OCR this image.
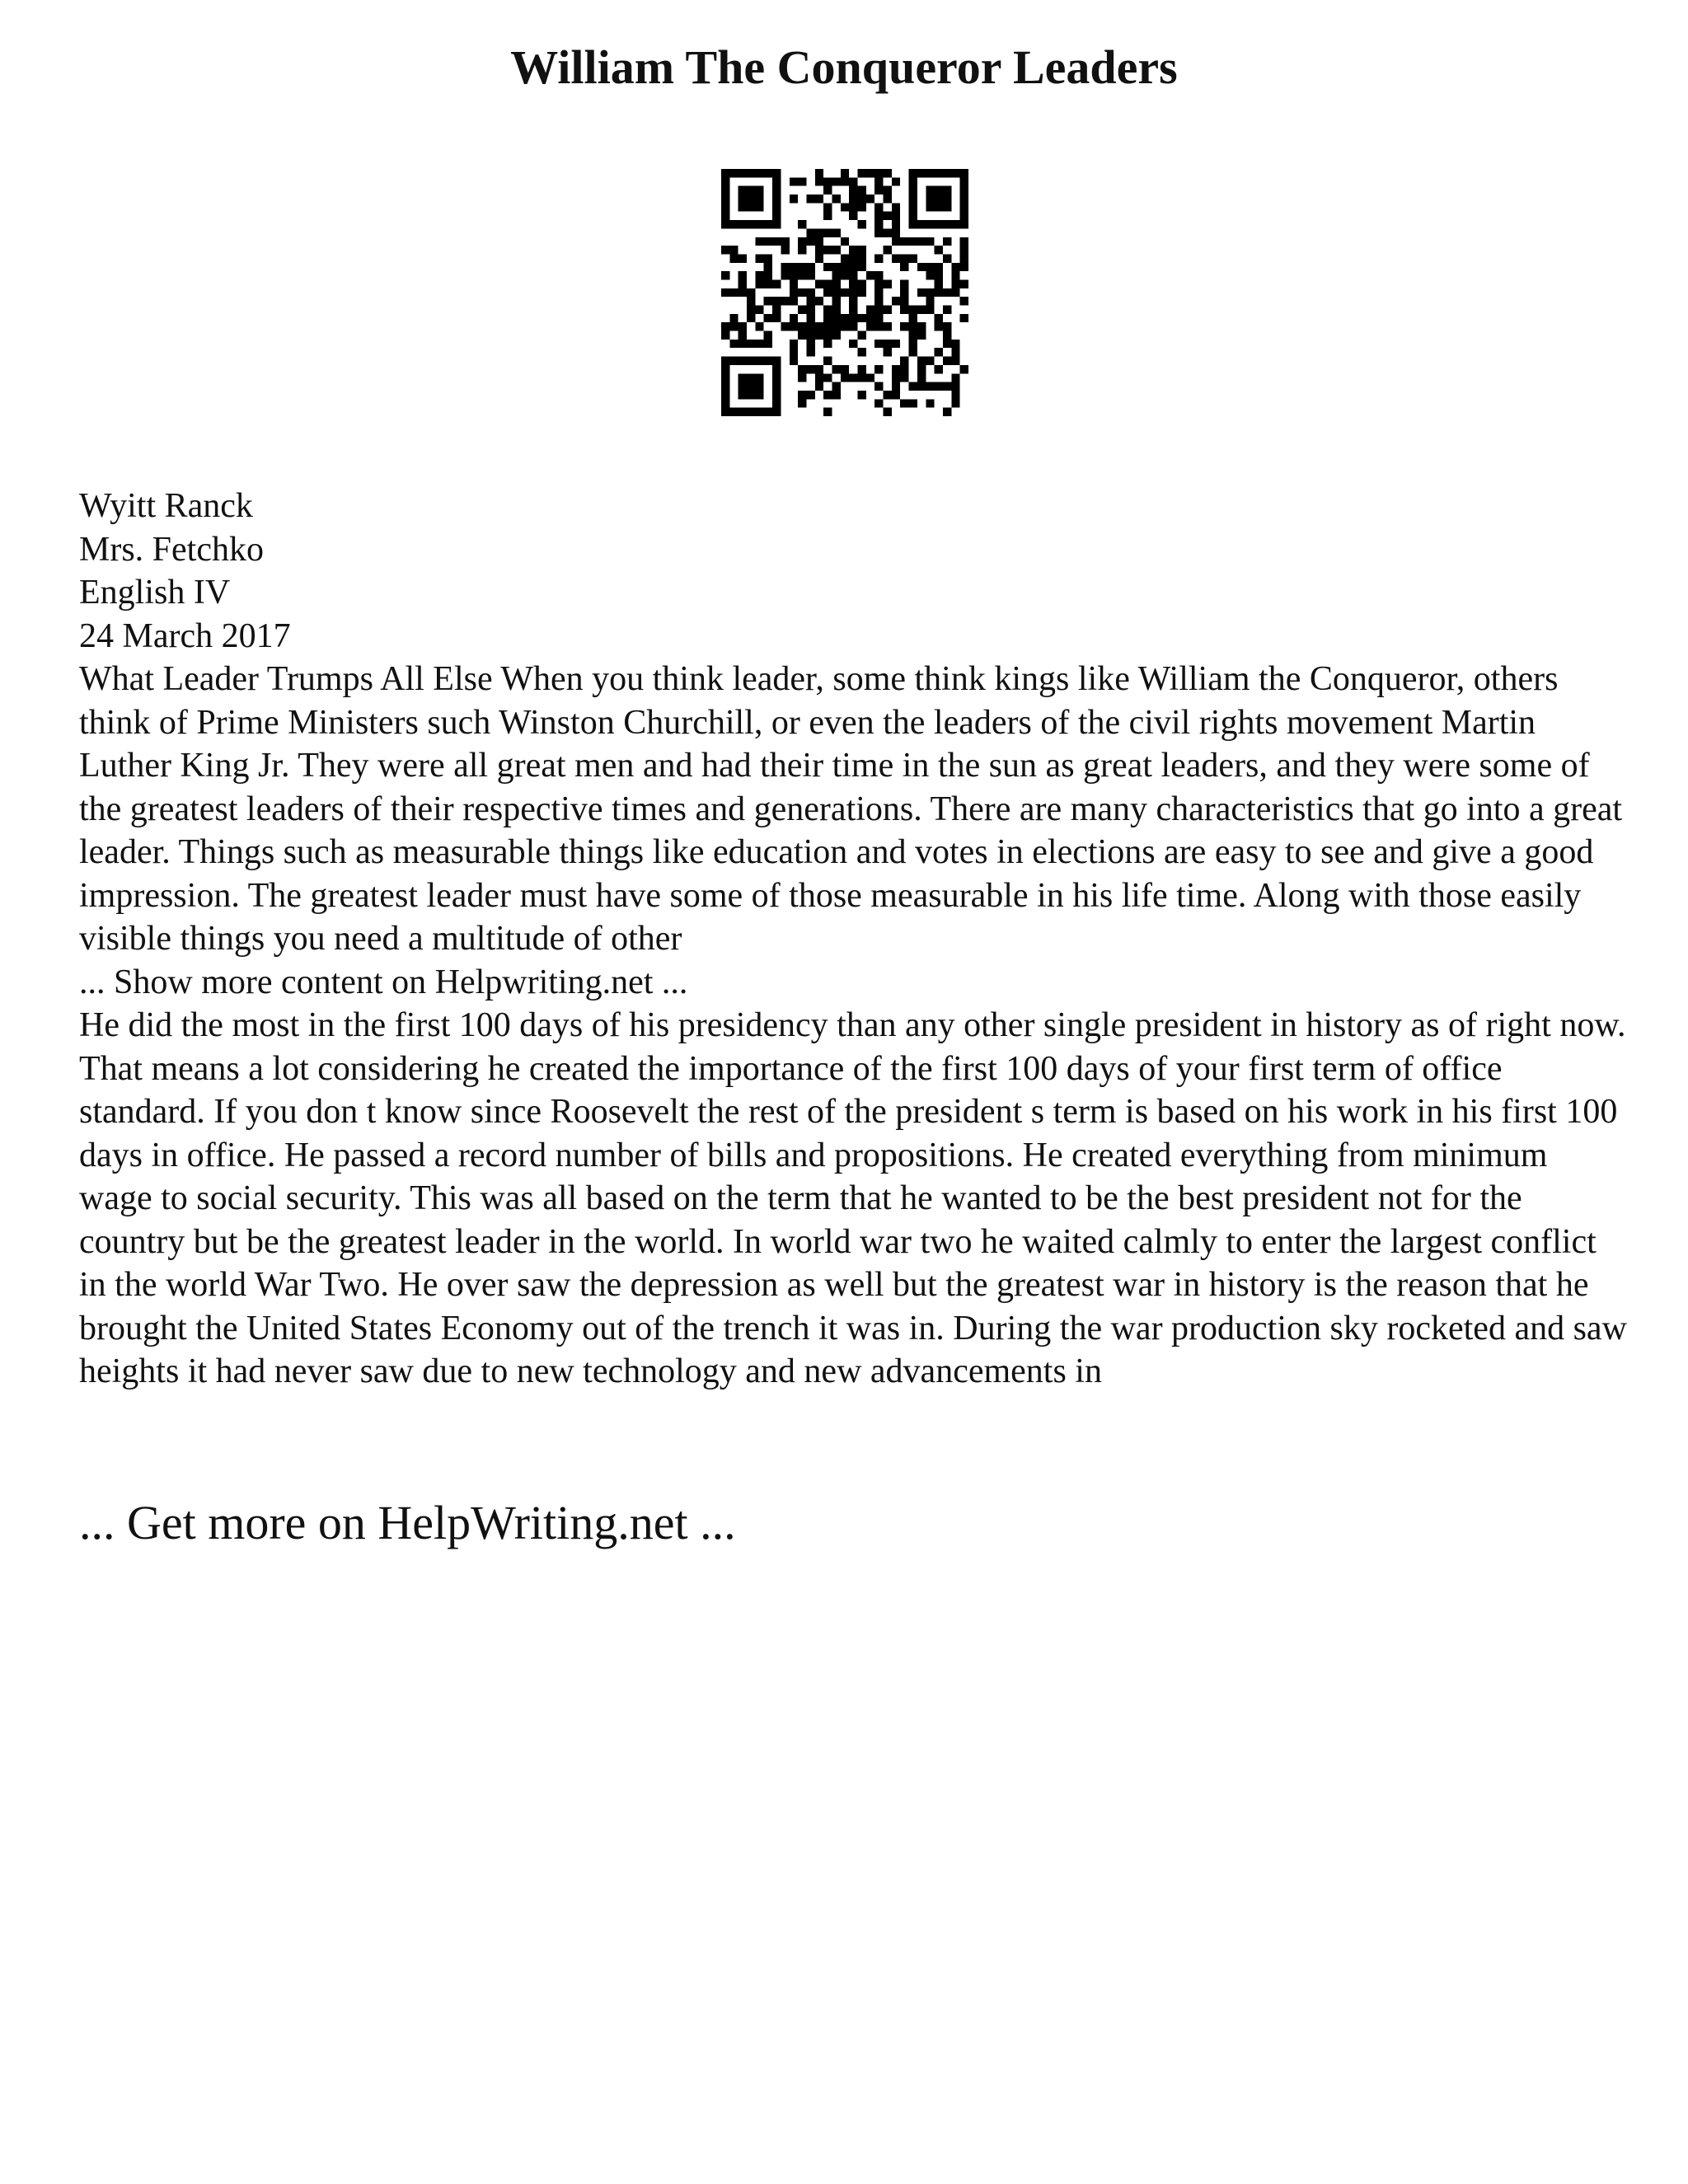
William The Conqueror Leaders

Wyitt Ranck

Mrs. Fetchko

English IV

24 March 2017

What Leader Trumps All Else When you think leader, some think kings like William the Conqueror, others think of Prime Ministers such Winston Churchill, or even the leaders of the civil rights movement Martin Luther King Jr. They were all great men and had their time in the sun as great leaders, and they were some of the greatest leaders of their respective times and generations. There are many characteristics that go into a great leader. Things such as measurable things like education and votes in elections are easy to see and give a good impression. The greatest leader must have some of those measurable in his life time. Along with those easily visible things you need a multitude of other

... Show more content on Helpwriting.net ...

He did the most in the first 100 days of his presidency than any other single president in history as of right now. That means a lot considering he created the importance of the first 100 days of your first term of office standard. If you don t know since Roosevelt the rest of the president s term is based on his work in his first 100 days in office. He passed a record number of bills and propositions. He created everything from minimum wage to social security. This was all based on the term that he wanted to be the best president not for the country but be the greatest leader in the world. In world war two he waited calmly to enter the largest conflict in the world War Two. He over saw the depression as well but the greatest war in history is the reason that he brought the United States Economy out of the trench it was in. During the war production sky rocketed and saw heights it had never saw due to new technology and new advancements in

... Get more on HelpWriting.net ...
